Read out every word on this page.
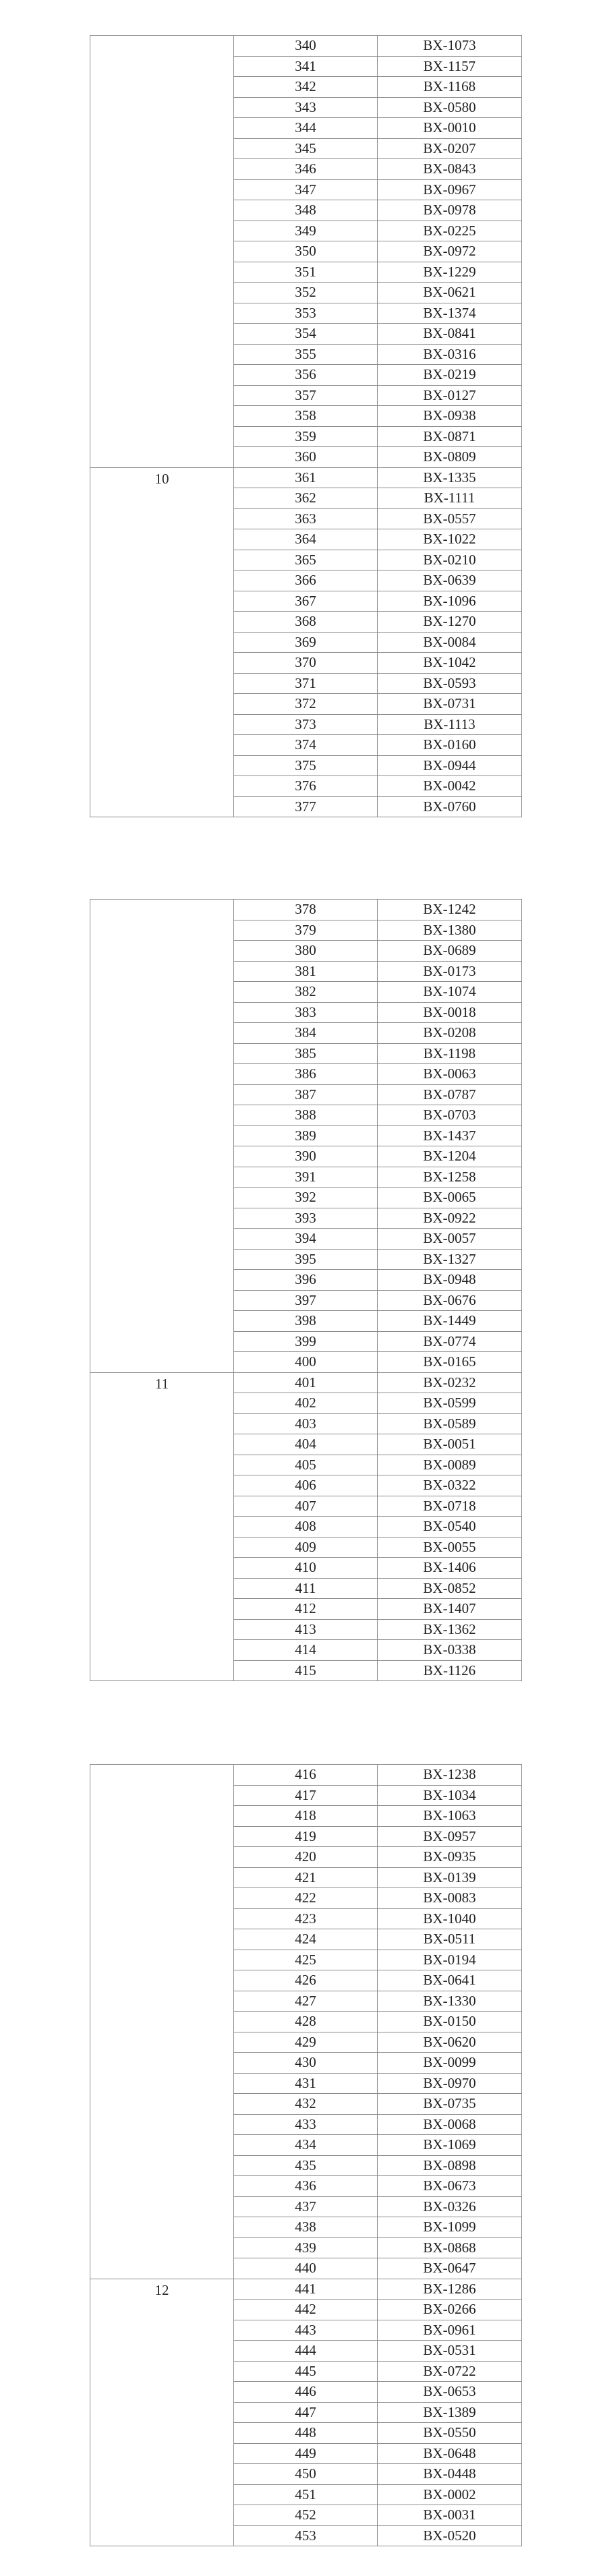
	340	BX-1073
	341	BX-1157
	342	BX-1168
	343	BX-0580
	344	BX-0010
	345	BX-0207
	346	BX-0843
	347	BX-0967
	348	BX-0978
	349	BX-0225
	350	BX-0972
	351	BX-1229
	352	BX-0621
	353	BX-1374
	354	BX-0841
	355	BX-0316
	356	BX-0219
	357	BX-0127
	358	BX-0938
	359	BX-0871
	360	BX-0809
10	361	BX-1335
	362	BX-1111
	363	BX-0557
	364	BX-1022
	365	BX-0210
	366	BX-0639
	367	BX-1096
	368	BX-1270
	369	BX-0084
	370	BX-1042
	371	BX-0593
	372	BX-0731
	373	BX-1113
	374	BX-0160
	375	BX-0944
	376	BX-0042
	377	BX-0760
	378	BX-1242
	379	BX-1380
	380	BX-0689
	381	BX-0173
	382	BX-1074
	383	BX-0018
	384	BX-0208
	385	BX-1198
	386	BX-0063
	387	BX-0787
	388	BX-0703
	389	BX-1437
	390	BX-1204
	391	BX-1258
	392	BX-0065
	393	BX-0922
	394	BX-0057
	395	BX-1327
	396	BX-0948
	397	BX-0676
	398	BX-1449
	399	BX-0774
	400	BX-0165
11	401	BX-0232
	402	BX-0599
	403	BX-0589
	404	BX-0051
	405	BX-0089
	406	BX-0322
	407	BX-0718
	408	BX-0540
	409	BX-0055
	410	BX-1406
	411	BX-0852
	412	BX-1407
	413	BX-1362
	414	BX-0338
	415	BX-1126
	416	BX-1238
	417	BX-1034
	418	BX-1063
	419	BX-0957
	420	BX-0935
	421	BX-0139
	422	BX-0083
	423	BX-1040
	424	BX-0511
	425	BX-0194
	426	BX-0641
	427	BX-1330
	428	BX-0150
	429	BX-0620
	430	BX-0099
	431	BX-0970
	432	BX-0735
	433	BX-0068
	434	BX-1069
	435	BX-0898
	436	BX-0673
	437	BX-0326
	438	BX-1099
	439	BX-0868
	440	BX-0647
12	441	BX-1286
	442	BX-0266
	443	BX-0961
	444	BX-0531
	445	BX-0722
	446	BX-0653
	447	BX-1389
	448	BX-0550
	449	BX-0648
	450	BX-0448
	451	BX-0002
	452	BX-0031
	453	BX-0520
